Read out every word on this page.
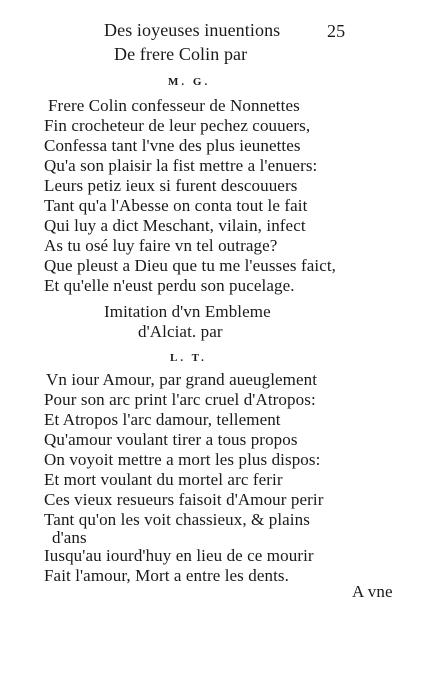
Des ioyeuses inuentions	25
De frere Colin par
M. G.
Frere Colin confesseur de Nonnettes
Fin crocheteur de leur pechez couuers,
Confessa tant l'vne des plus ieunettes
Qu'a son plaisir la fist mettre a l'enuers:
Leurs petiz ieux si furent descouuers
Tant qu'a l'Abesse on conta tout le fait
Qui luy a dict Meschant, vilain, infect
As tu osé luy faire vn tel outrage?
Que pleust a Dieu que tu me l'eusses faict,
Et qu'elle n'eust perdu son pucelage.
Imitation d'vn Embleme
d'Alciat. par
L. T.
Vn iour Amour, par grand aueuglement
Pour son arc print l'arc cruel d'Atropos:
Et Atropos l'arc damour, tellement
Qu'amour voulant tirer a tous propos
On voyoit mettre a mort les plus dispos:
Et mort voulant du mortel arc ferir
Ces vieux resueurs faisoit d'Amour perir
Tant qu'on les voit chassieux, & plains
d'ans
Iusqu'au iourd'huy en lieu de ce mourir
Fait l'amour, Mort a entre les dents.
A vne
